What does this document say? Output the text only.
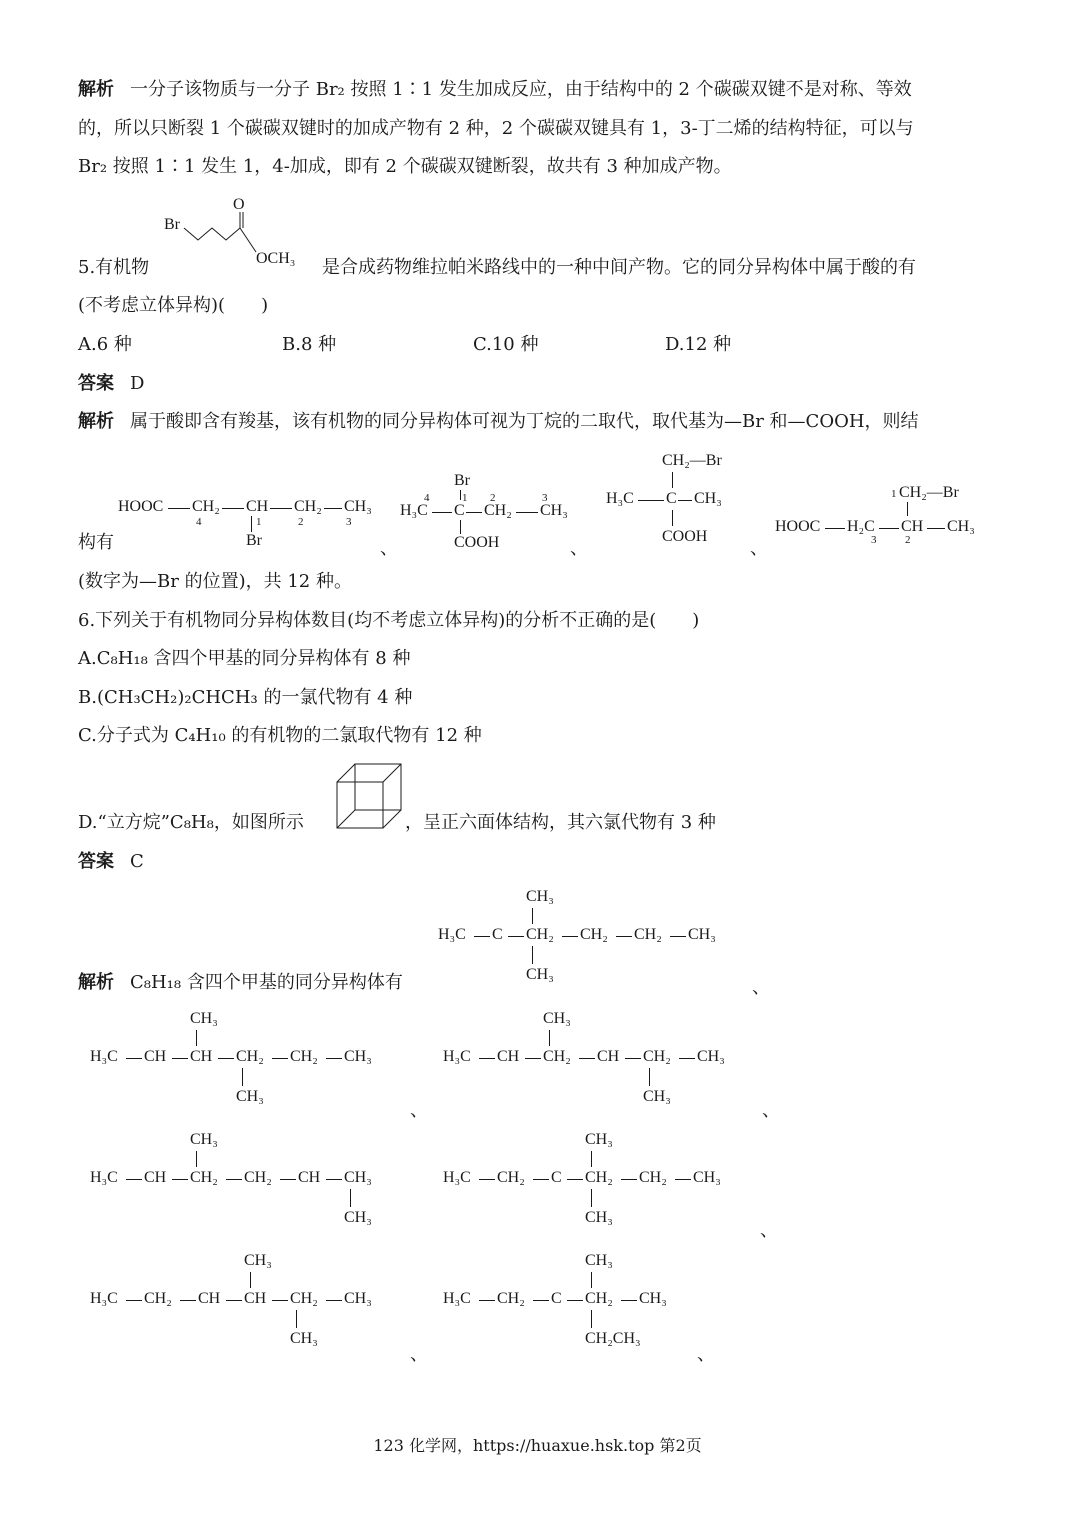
解析 一分子该物质与一分子 Br₂ 按照 1∶1 发生加成反应，由于结构中的 2 个碳碳双键不是对称、等效
的，所以只断裂 1 个碳碳双键时的加成产物有 2 种，2 个碳碳双键具有 1，3-丁二烯的结构特征，可以与
Br₂ 按照 1∶1 发生 1，4-加成，即有 2 个碳碳双键断裂，故共有 3 种加成产物。
Br
O
OCH₃
5.有机物	是合成药物维拉帕米路线中的一种中间产物。它的同分异构体中属于酸的有
(不考虑立体异构)(　　)
A.6 种	B.8 种	C.10 种	D.12 种
答案 D
解析 属于酸即含有羧基，该有机物的同分异构体可视为丁烷的二取代，取代基为—Br 和—COOH，则结
HOOC CH₂
4
CH
1
Br
CH₂
2
CH₃
3
构有	、
Br
4	1 2	3
H₃C C CH₂ CH₃
COOH	、
CH₂—Br
H₃C C CH₃
COOH
、
1 CH₂—Br
HOOC H₂C CH CH₃
3	2
(数字为—Br 的位置)，共 12 种。
6.下列关于有机物同分异构体数目(均不考虑立体异构)的分析不正确的是(　　)
A.C₈H₁₈ 含四个甲基的同分异构体有 8 种
B.(CH₃CH₂)₂CHCH₃ 的一氯代物有 4 种
C.分子式为 C₄H₁₀ 的有机物的二氯取代物有 12 种
D.“立方烷”C₈H₈，如图所示	，呈正六面体结构，其六氯代物有 3 种
答案 C
解析 C₈H₁₈ 含四个甲基的同分异构体有
H₃C C CH₂ CH₂ CH₂ CH₃
CH₃
CH₃
、
H₃C CH CH CH₂ CH₂ CH₃
CH₃
CH₃
、
H₃C CH CH₂ CH CH₂ CH₃
CH₃
CH₃
、
H₃C CH CH₂ CH₂ CH CH₃
CH₃
CH₃
H₃C CH₂ C CH₂ CH₂ CH₃
CH₃
CH₃
、
H₃C CH₂ CH CH CH₂ CH₃
CH₃
CH₃
、
H₃C CH₂ C CH₂ CH₃
CH₃
CH₂CH₃
、
123 化学网，https://huaxue.hsk.top 第2页
